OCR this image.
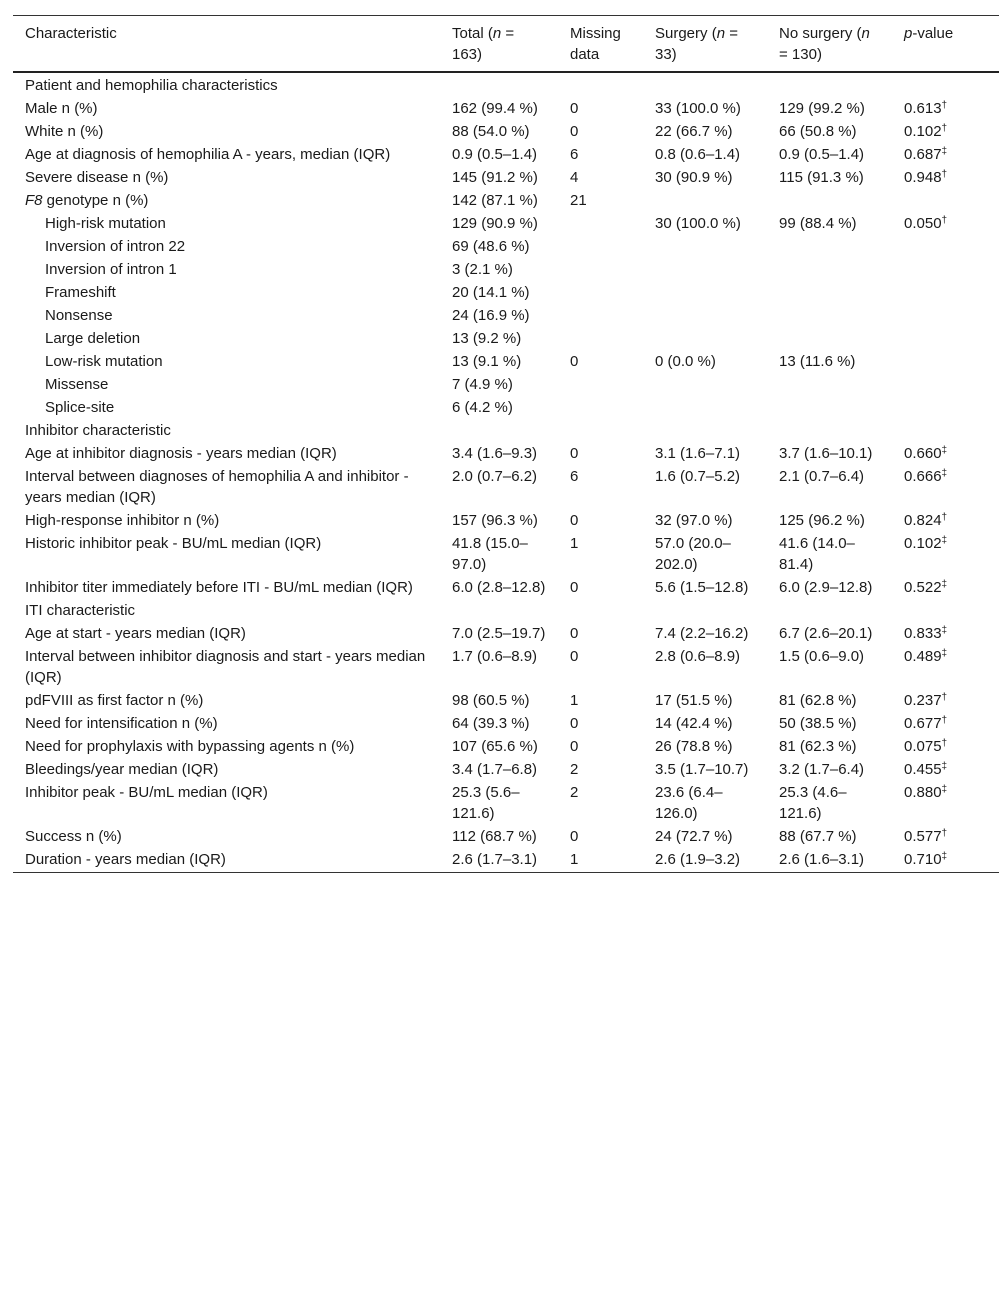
Characteristic	Total (n = 163)	Missing data	Surgery (n = 33)	No surgery (n = 130)	p-value
Patient and hemophilia characteristics					
Male n (%)	162 (99.4 %)	0	33 (100.0 %)	129 (99.2 %)	0.613†
White n (%)	88 (54.0 %)	0	22 (66.7 %)	66 (50.8 %)	0.102†
Age at diagnosis of hemophilia A - years, median (IQR)	0.9 (0.5–1.4)	6	0.8 (0.6–1.4)	0.9 (0.5–1.4)	0.687‡
Severe disease n (%)	145 (91.2 %)	4	30 (90.9 %)	115 (91.3 %)	0.948†
F8 genotype n (%)	142 (87.1 %)	21			
High-risk mutation	129 (90.9 %)		30 (100.0 %)	99 (88.4 %)	0.050†
Inversion of intron 22	69 (48.6 %)				
Inversion of intron 1	3 (2.1 %)				
Frameshift	20 (14.1 %)				
Nonsense	24 (16.9 %)				
Large deletion	13 (9.2 %)				
Low-risk mutation	13 (9.1 %)	0	0 (0.0 %)	13 (11.6 %)	
Missense	7 (4.9 %)				
Splice-site	6 (4.2 %)				
Inhibitor characteristic					
Age at inhibitor diagnosis - years median (IQR)	3.4 (1.6–9.3)	0	3.1 (1.6–7.1)	3.7 (1.6–10.1)	0.660‡
Interval between diagnoses of hemophilia A and inhibitor - years median (IQR)	2.0 (0.7–6.2)	6	1.6 (0.7–5.2)	2.1 (0.7–6.4)	0.666‡
High-response inhibitor n (%)	157 (96.3 %)	0	32 (97.0 %)	125 (96.2 %)	0.824†
Historic inhibitor peak - BU/mL median (IQR)	41.8 (15.0–97.0)	1	57.0 (20.0–202.0)	41.6 (14.0–81.4)	0.102‡
Inhibitor titer immediately before ITI - BU/mL median (IQR)	6.0 (2.8–12.8)	0	5.6 (1.5–12.8)	6.0 (2.9–12.8)	0.522‡
ITI characteristic					
Age at start - years median (IQR)	7.0 (2.5–19.7)	0	7.4 (2.2–16.2)	6.7 (2.6–20.1)	0.833‡
Interval between inhibitor diagnosis and start - years median (IQR)	1.7 (0.6–8.9)	0	2.8 (0.6–8.9)	1.5 (0.6–9.0)	0.489‡
pdFVIII as first factor n (%)	98 (60.5 %)	1	17 (51.5 %)	81 (62.8 %)	0.237†
Need for intensification n (%)	64 (39.3 %)	0	14 (42.4 %)	50 (38.5 %)	0.677†
Need for prophylaxis with bypassing agents n (%)	107 (65.6 %)	0	26 (78.8 %)	81 (62.3 %)	0.075†
Bleedings/year median (IQR)	3.4 (1.7–6.8)	2	3.5 (1.7–10.7)	3.2 (1.7–6.4)	0.455‡
Inhibitor peak - BU/mL median (IQR)	25.3 (5.6–121.6)	2	23.6 (6.4–126.0)	25.3 (4.6–121.6)	0.880‡
Success n (%)	112 (68.7 %)	0	24 (72.7 %)	88 (67.7 %)	0.577†
Duration - years median (IQR)	2.6 (1.7–3.1)	1	2.6 (1.9–3.2)	2.6 (1.6–3.1)	0.710‡
